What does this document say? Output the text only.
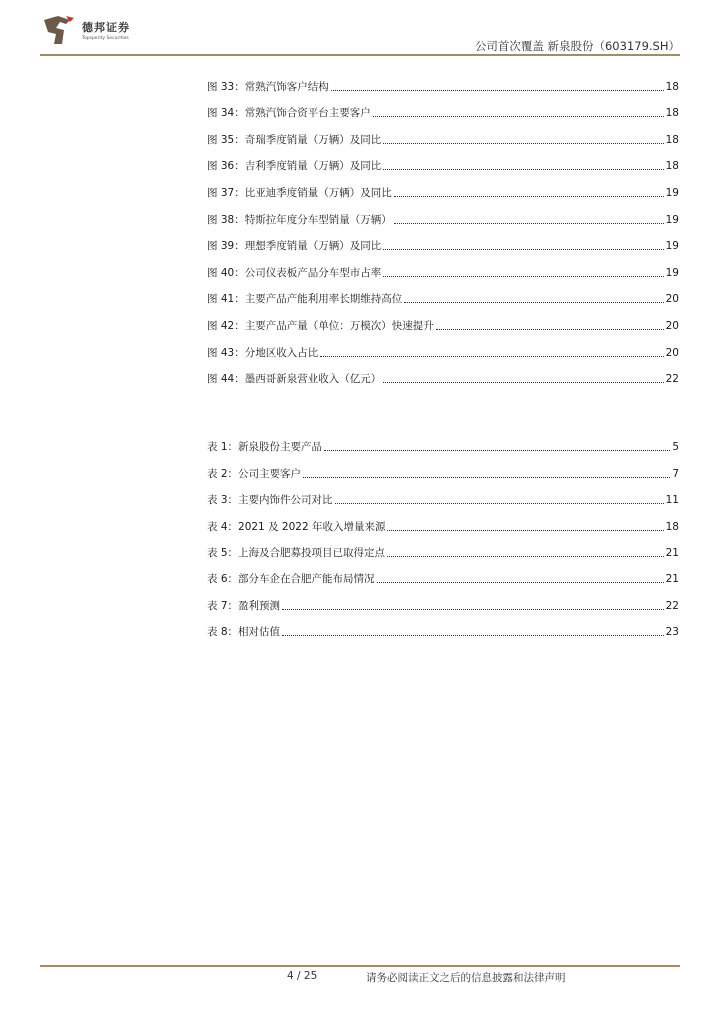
德邦证券
Topsperity Securities
公司首次覆盖 新泉股份（603179.SH）
图 33：常熟汽饰客户结构	18
图 34：常熟汽饰合资平台主要客户	18
图 35：奇瑞季度销量（万辆）及同比	18
图 36：吉利季度销量（万辆）及同比	18
图 37：比亚迪季度销量（万辆）及同比	19
图 38：特斯拉年度分车型销量（万辆）	19
图 39：理想季度销量（万辆）及同比	19
图 40：公司仪表板产品分车型市占率	19
图 41：主要产品产能利用率长期维持高位	20
图 42：主要产品产量（单位：万模次）快速提升	20
图 43：分地区收入占比	20
图 44：墨西哥新泉营业收入（亿元）	22
表 1：新泉股份主要产品	5
表 2：公司主要客户	7
表 3：主要内饰件公司对比	11
表 4：2021 及 2022 年收入增量来源	18
表 5：上海及合肥募投项目已取得定点	21
表 6：部分车企在合肥产能布局情况	21
表 7：盈利预测	22
表 8：相对估值	23
4 / 25	请务必阅读正文之后的信息披露和法律声明
